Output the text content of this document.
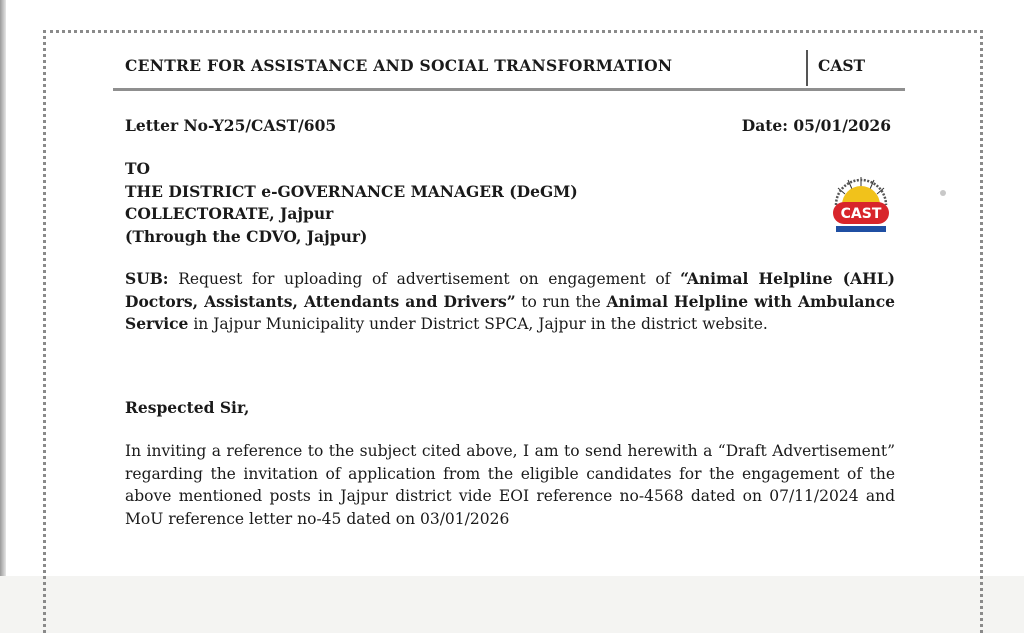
CENTRE FOR ASSISTANCE AND SOCIAL TRANSFORMATION	CAST
Letter No-Y25/CAST/605	Date: 05/01/2026
TO
THE DISTRICT e-GOVERNANCE MANAGER (DeGM)
COLLECTORATE, Jajpur
(Through the CDVO, Jajpur)
CAST
SUB: Request for uploading of advertisement on engagement of “Animal Helpline (AHL) Doctors, Assistants, Attendants and Drivers” to run the Animal Helpline with Ambulance Service in Jajpur Municipality under District SPCA, Jajpur in the district website.
Respected Sir,
In inviting a reference to the subject cited above, I am to send herewith a “Draft Advertisement” regarding the invitation of application from the eligible candidates for the engagement of the above mentioned posts in Jajpur district vide EOI reference no-4568 dated on 07/11/2024 and MoU reference letter no-45 dated on 03/01/2026
